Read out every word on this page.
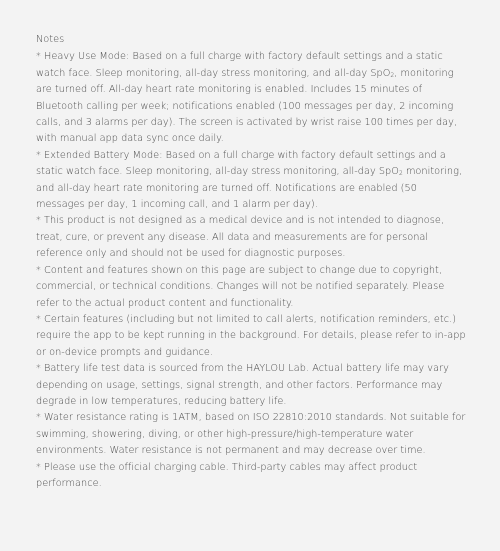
Notes

* Heavy Use Mode: Based on a full charge with factory default settings and a static watch face. Sleep monitoring, all-day stress monitoring, and all-day SpO$_2$, monitoring are turned off. All-day heart rate monitoring is enabled. Includes 15 minutes of Bluetooth calling per week; notifications enabled (100 messages per day, 2 incoming calls, and 3 alarms per day). The screen is activated by wrist raise 100 times per day, with manual app data sync once daily.

* Extended Battery Mode: Based on a full charge with factory default settings and a static watch face. Sleep monitoring, all-day stress monitoring, all-day SpO$_2$ monitoring, and all-day heart rate monitoring are turned off. Notifications are enabled (50 messages per day, 1 incoming call, and 1 alarm per day).

* This product is not designed as a medical device and is not intended to diagnose, treat, cure, or prevent any disease. All data and measurements are for personal reference only and should not be used for diagnostic purposes.

* Content and features shown on this page are subject to change due to copyright, commercial, or technical conditions. Changes will not be notified separately. Please refer to the actual product content and functionality.

* Certain features (including but not limited to call alerts, notification reminders, etc.) require the app to be kept running in the background. For details, please refer to in-app or on-device prompts and guidance.

* Battery life test data is sourced from the HAYLOU Lab. Actual battery life may vary depending on usage, settings, signal strength, and other factors. Performance may degrade in low temperatures, reducing battery life.

* Water resistance rating is 1ATM, based on ISO 22810:2010 standards. Not suitable for swimming, showering, diving, or other high-pressure/high-temperature water environments. Water resistance is not permanent and may decrease over time.

* Please use the official charging cable. Third-party cables may affect product performance.
